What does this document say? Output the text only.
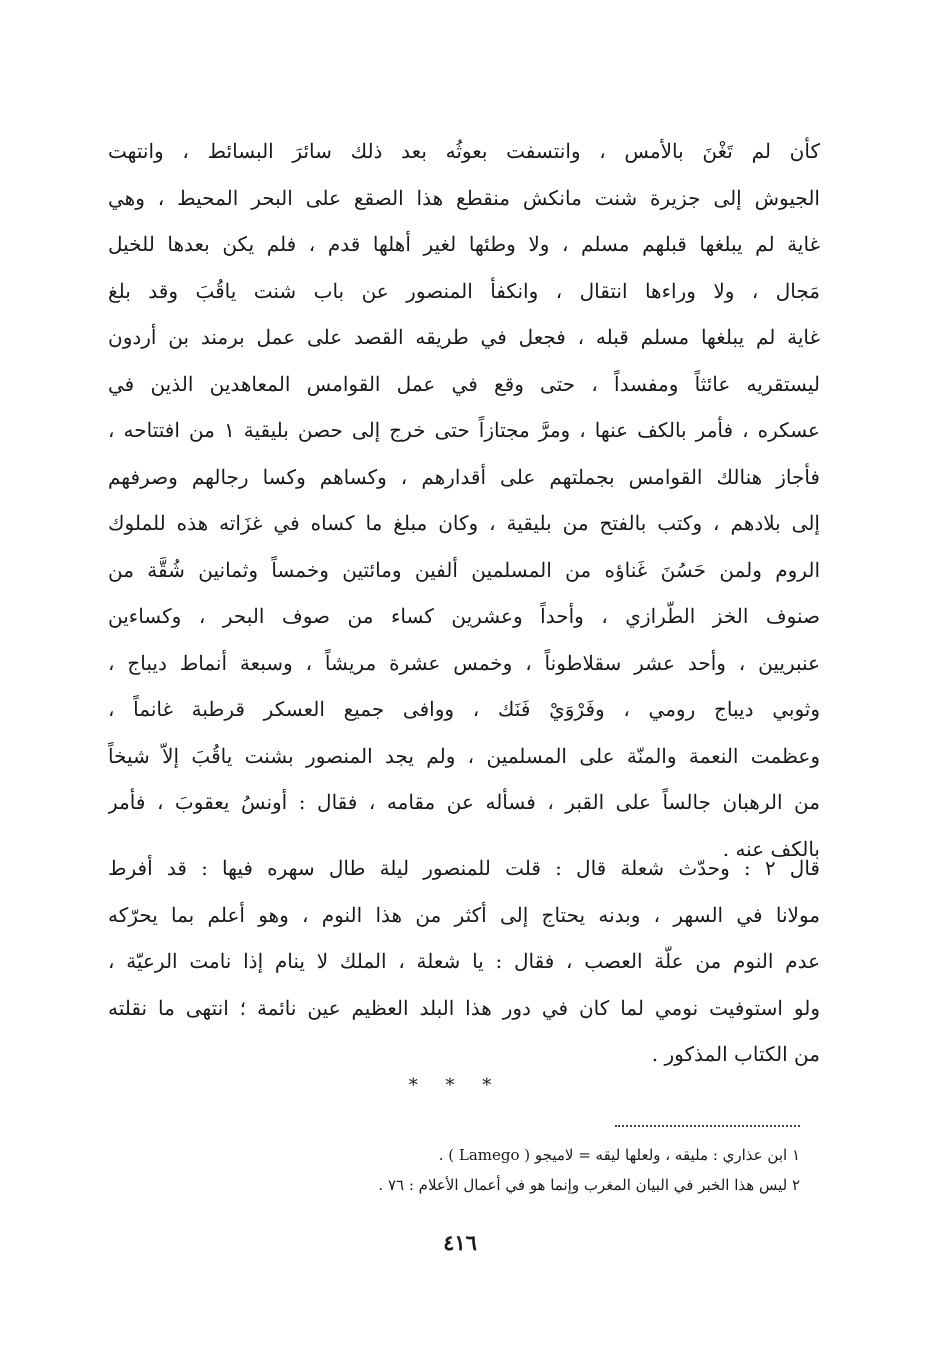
كأن لم تَغْنَ بالأمس ، وانتسفت بعوثُه بعد ذلك سائرَ البسائط ، وانتهت
الجيوش إلى جزيرة شنت مانكش منقطع هذا الصقع على البحر المحيط ، وهي
غاية لم يبلغها قبلهم مسلم ، ولا وطئها لغير أهلها قدم ، فلم يكن بعدها للخيل
مَجال ، ولا وراءها انتقال ، وانكفأ المنصور عن باب شنت ياقُبَ وقد بلغ
غاية لم يبلغها مسلم قبله ، فجعل في طريقه القصد على عمل برمند بن أردون
ليستقريه عائثاً ومفسداً ، حتى وقع في عمل القوامس المعاهدين الذين في
عسكره ، فأمر بالكف عنها ، ومرَّ مجتازاً حتى خرج إلى حصن بليقية ١ من افتتاحه ،
فأجاز هنالك القوامس بجملتهم على أقدارهم ، وكساهم وكسا رجالهم وصرفهم
إلى بلادهم ، وكتب بالفتح من بليقية ، وكان مبلغ ما كساه في غزَاته هذه للملوك
الروم ولمن حَسُنَ غَناؤه من المسلمين ألفين ومائتين وخمساً وثمانين شُقَّة من
صنوف الخز الطّرازي ، وأحداً وعشرين كساء من صوف البحر ، وكساءين
عنبريين ، وأحد عشر سقلاطوناً ، وخمس عشرة مريشاً ، وسبعة أنماط ديباج ،
وثوبي ديباج رومي ، وفَرْوَيْ فَنَك ، ووافى جميع العسكر قرطبة غانماً ،
وعظمت النعمة والمنّة على المسلمين ، ولم يجد المنصور بشنت ياقُبَ إلاّ شيخاً
من الرهبان جالساً على القبر ، فسأله عن مقامه ، فقال : أونسُ يعقوبَ ، فأمر
بالكف عنه .
قال ٢ : وحدّث شعلة قال : قلت للمنصور ليلة طال سهره فيها : قد أفرط
مولانا في السهر ، وبدنه يحتاج إلى أكثر من هذا النوم ، وهو أعلم بما يحرّكه
عدم النوم من علّة العصب ، فقال : يا شعلة ، الملك لا ينام إذا نامت الرعيّة ،
ولو استوفيت نومي لما كان في دور هذا البلد العظيم عين نائمة ؛ انتهى ما نقلته
من الكتاب المذكور .
* * *
١ ابن عذاري : مليقه ، ولعلها ليقه = لاميجو ( Lamego ) .
٢ ليس هذا الخبر في البيان المغرب وإنما هو في أعمال الأعلام : ٧٦ .
٤١٦
